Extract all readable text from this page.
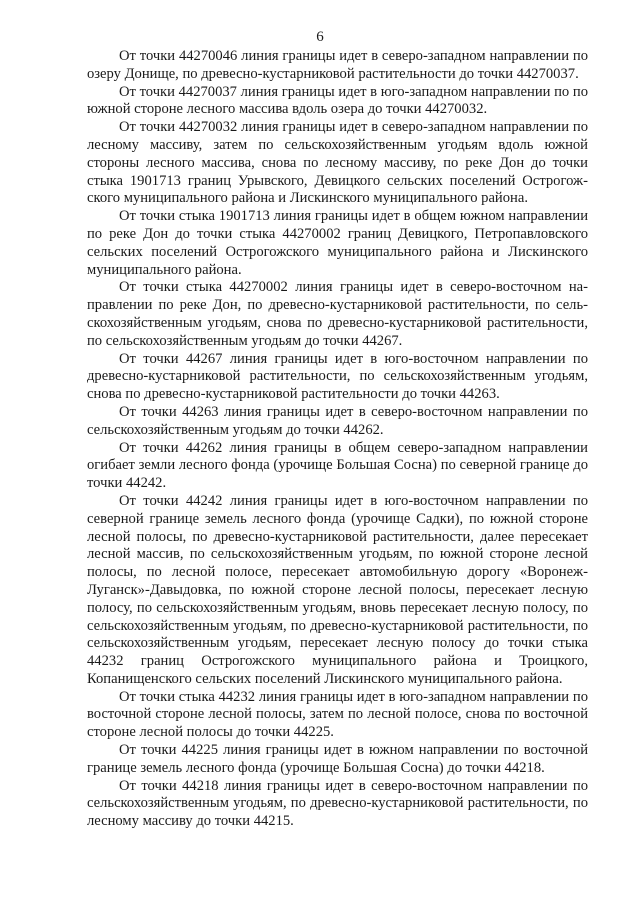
6

От точки 44270046 линия границы идет в северо-западном направлении по озеру Донище, по древесно-кустарниковой растительности до точки 44270037.

От точки 44270037 линия границы идет в юго-западном направлении по по южной стороне лесного массива вдоль озера до точки 44270032.

От точки 44270032 линия границы идет в северо-западном направлении по лесному массиву, затем по сельскохозяйственным угодьям вдоль южной стороны лесного массива, снова по лесному массиву, по реке Дон до точки стыка 1901713 границ Урывского, Девицкого сельских поселений Острогожского муниципального района и Лискинского муниципального района.

От точки стыка 1901713 линия границы идет в общем южном направлении по реке Дон до точки стыка 44270002 границ Девицкого, Петропавловского сельских поселений Острогожского муниципального района и Лискинского муниципального района.

От точки стыка 44270002 линия границы идет в северо-восточном направлении по реке Дон, по древесно-кустарниковой растительности, по сельскохозяйственным угодьям, снова по древесно-кустарниковой растительности, по сельскохозяйственным угодьям до точки 44267.

От точки 44267 линия границы идет в юго-восточном направлении по древесно-кустарниковой растительности, по сельскохозяйственным угодьям, снова по древесно-кустарниковой растительности до точки 44263.

От точки 44263 линия границы идет в северо-восточном направлении по сельскохозяйственным угодьям до точки 44262.

От точки 44262 линия границы в общем северо-западном направлении огибает земли лесного фонда (урочище Большая Сосна) по северной границе до точки 44242.

От точки 44242 линия границы идет в юго-восточном направлении по северной границе земель лесного фонда (урочище Садки), по южной стороне лесной полосы, по древесно-кустарниковой растительности, далее пересекает лесной массив, по сельскохозяйственным угодьям, по южной стороне лесной полосы, по лесной полосе, пересекает автомобильную дорогу «Воронеж-Луганск»-Давыдовка, по южной стороне лесной полосы, пересекает лесную полосу, по сельскохозяйственным угодьям, вновь пересекает лесную полосу, по сельскохозяйственным угодьям, по древесно-кустарниковой растительности, по сельскохозяйственным угодьям, пересекает лесную полосу до точки стыка 44232 границ Острогожского муниципального района и Троицкого, Копанищенского сельских поселений Лискинского муниципального района.

От точки стыка 44232 линия границы идет в юго-западном направлении по восточной стороне лесной полосы, затем по лесной полосе, снова по восточной стороне лесной полосы до точки 44225.

От точки 44225 линия границы идет в южном направлении по восточной границе земель лесного фонда (урочище Большая Сосна) до точки 44218.

От точки 44218 линия границы идет в северо-восточном направлении по сельскохозяйственным угодьям, по древесно-кустарниковой растительности, по лесному массиву до точки 44215.
